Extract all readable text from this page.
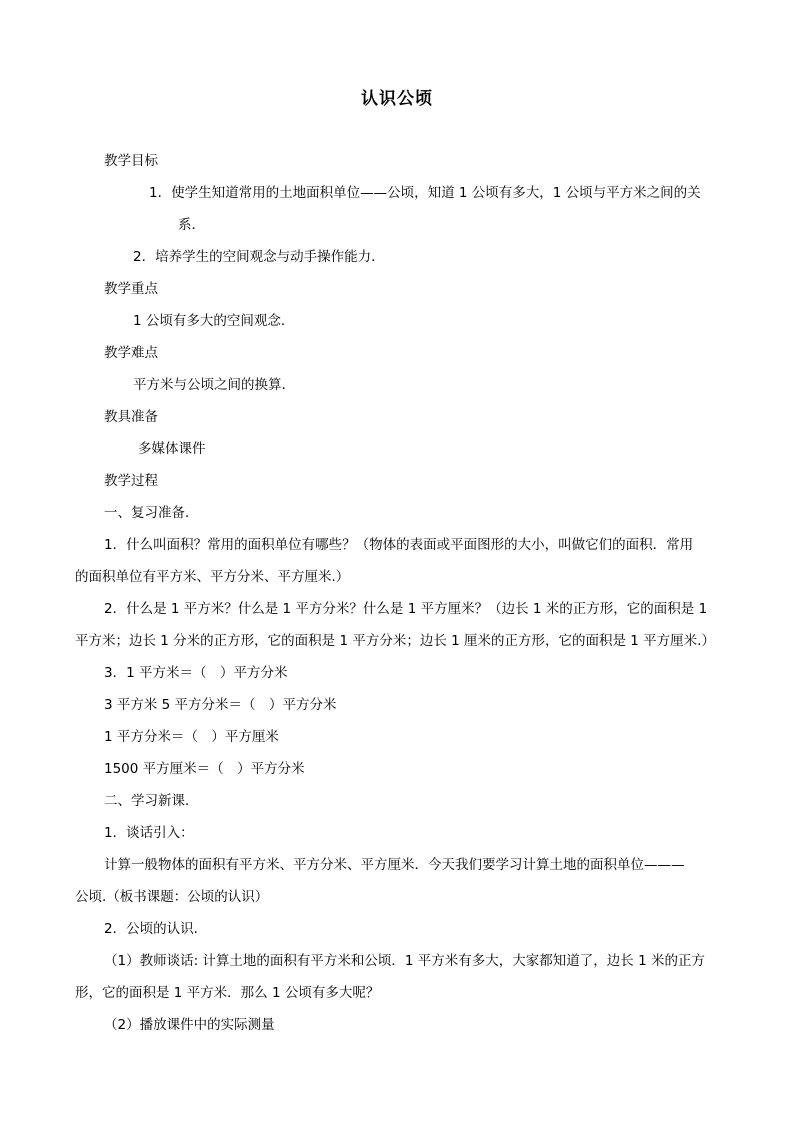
认识公顷
教学目标
1．使学生知道常用的土地面积单位——公顷，知道 1 公顷有多大，1 公顷与平方米之间的关
系．
2．培养学生的空间观念与动手操作能力．
教学重点
1 公顷有多大的空间观念．
教学难点
平方米与公顷之间的换算．
教具准备
多媒体课件
教学过程
一、复习准备．
1．什么叫面积？常用的面积单位有哪些？（物体的表面或平面图形的大小，叫做它们的面积．常用
的面积单位有平方米、平方分米、平方厘米.）
2．什么是 1 平方米？什么是 1 平方分米？什么是 1 平方厘米？（边长 1 米的正方形，它的面积是 1
平方米；边长 1 分米的正方形，它的面积是 1 平方分米；边长 1 厘米的正方形，它的面积是 1 平方厘米.）
3．1 平方米＝（　）平方分米
3 平方米 5 平方分米＝（　）平方分米
1 平方分米＝（　）平方厘米
1500 平方厘米＝（　）平方分米
二、学习新课．
1．谈话引入：
计算一般物体的面积有平方米、平方分米、平方厘米．今天我们要学习计算土地的面积单位———
公顷.（板书课题：公顷的认识）
2．公顷的认识．
（1）教师谈话: 计算土地的面积有平方米和公顷．1 平方米有多大，大家都知道了，边长 1 米的正方
形，它的面积是 1 平方米．那么 1 公顷有多大呢？
（2）播放课件中的实际测量
